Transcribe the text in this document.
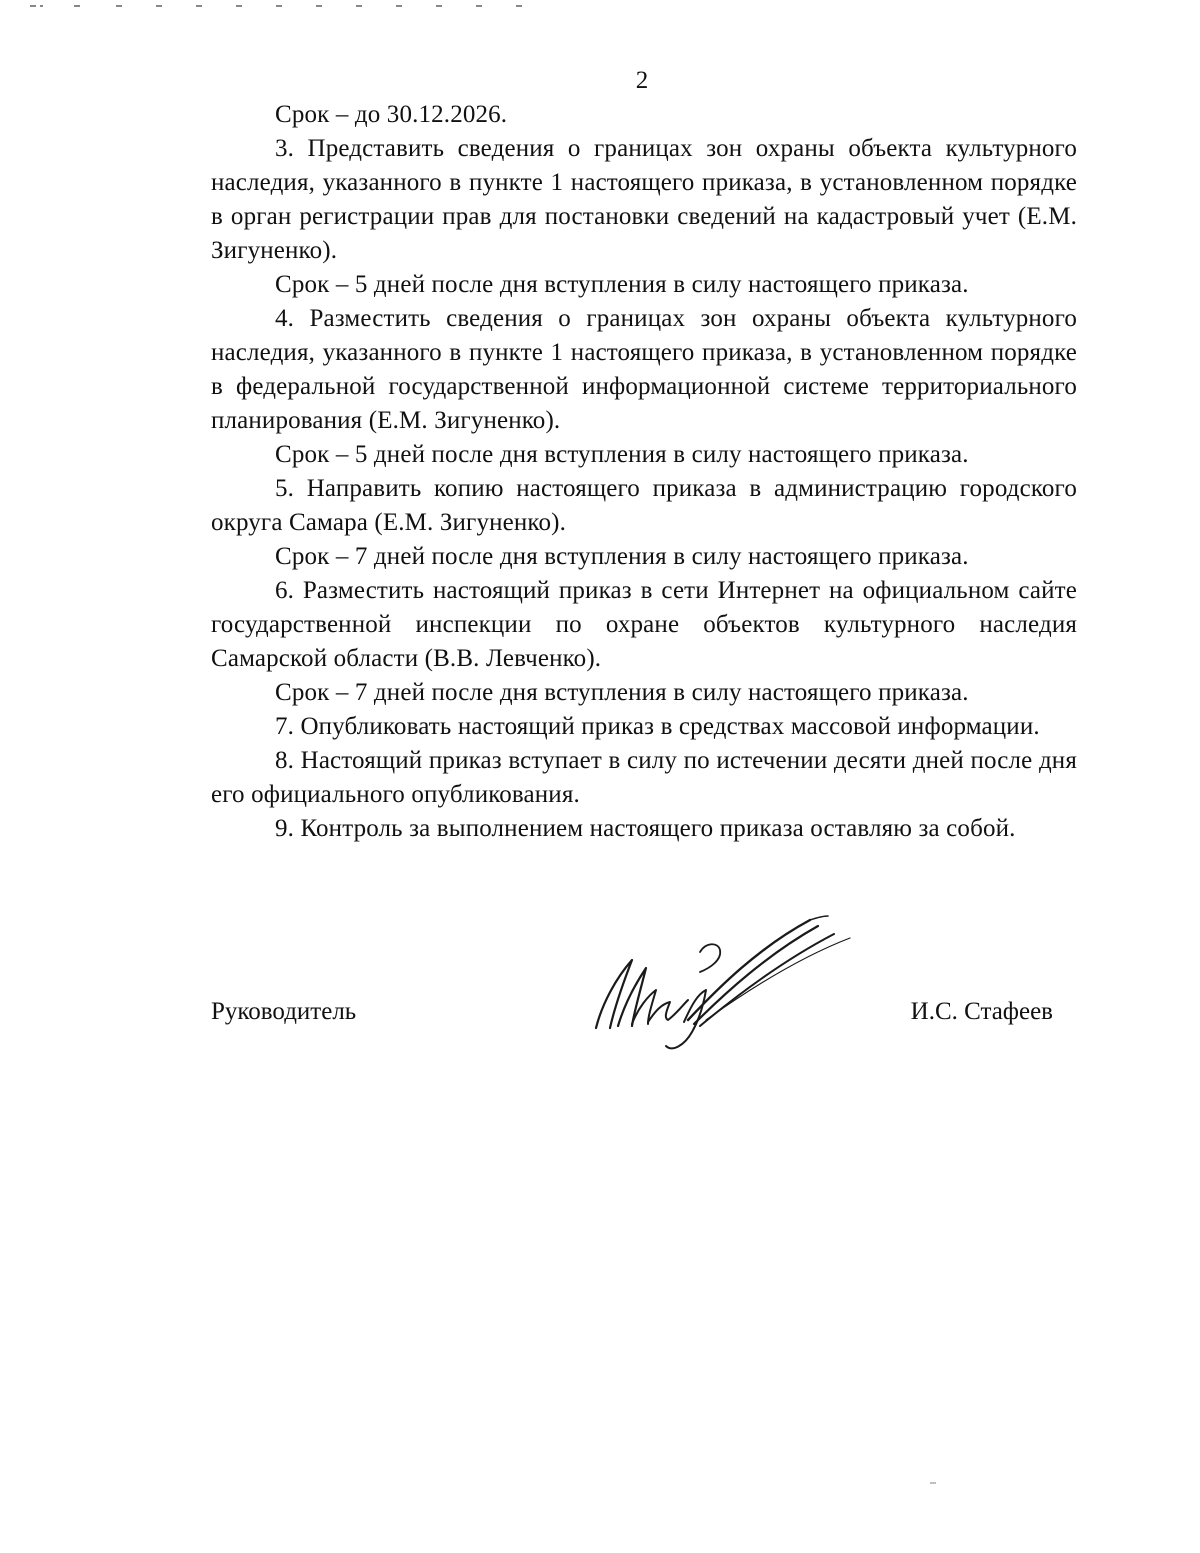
2

Срок – до 30.12.2026.

3. Представить сведения о границах зон охраны объекта культурного наследия, указанного в пункте 1 настоящего приказа, в установленном порядке в орган регистрации прав для постановки сведений на кадастровый учет (Е.М. Зигуненко).

Срок – 5 дней после дня вступления в силу настоящего приказа.

4. Разместить сведения о границах зон охраны объекта культурного наследия, указанного в пункте 1 настоящего приказа, в установленном порядке в федеральной государственной информационной системе территориального планирования (Е.М. Зигуненко).

Срок – 5 дней после дня вступления в силу настоящего приказа.

5. Направить копию настоящего приказа в администрацию городского округа Самара (Е.М. Зигуненко).

Срок – 7 дней после дня вступления в силу настоящего приказа.

6. Разместить настоящий приказ в сети Интернет на официальном сайте государственной инспекции по охране объектов культурного наследия Самарской области (В.В. Левченко).

Срок – 7 дней после дня вступления в силу настоящего приказа.

7. Опубликовать настоящий приказ в средствах массовой информации.

8. Настоящий приказ вступает в силу по истечении десяти дней после дня его официального опубликования.

9. Контроль за выполнением настоящего приказа оставляю за собой.

Руководитель	И.С. Стафеев
